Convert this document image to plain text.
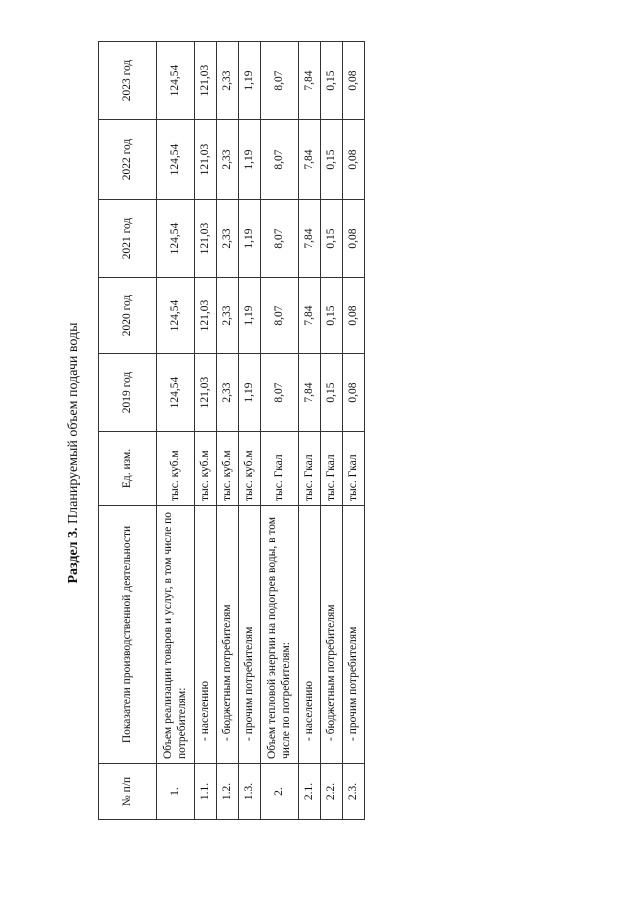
Раздел 3. Планируемый объем подачи воды
№ п/п	Показатели производственной деятельности	Ед. изм.	2019 год	2020 год	2021 год	2022 год	2023 год
1.	Объем реализации товаров и услуг, в том числе по потребителям:	тыс. куб.м	124,54	124,54	124,54	124,54	124,54
1.1.	- населению	тыс. куб.м	121,03	121,03	121,03	121,03	121,03
1.2.	- бюджетным потребителям	тыс. куб.м	2,33	2,33	2,33	2,33	2,33
1.3.	- прочим потребителям	тыс. куб.м	1,19	1,19	1,19	1,19	1,19
2.	Объем тепловой энергии на подогрев воды, в том числе по потребителям:	тыс. Гкал	8,07	8,07	8,07	8,07	8,07
2.1.	- населению	тыс. Гкал	7,84	7,84	7,84	7,84	7,84
2.2.	- бюджетным потребителям	тыс. Гкал	0,15	0,15	0,15	0,15	0,15
2.3.	- прочим потребителям	тыс. Гкал	0,08	0,08	0,08	0,08	0,08
